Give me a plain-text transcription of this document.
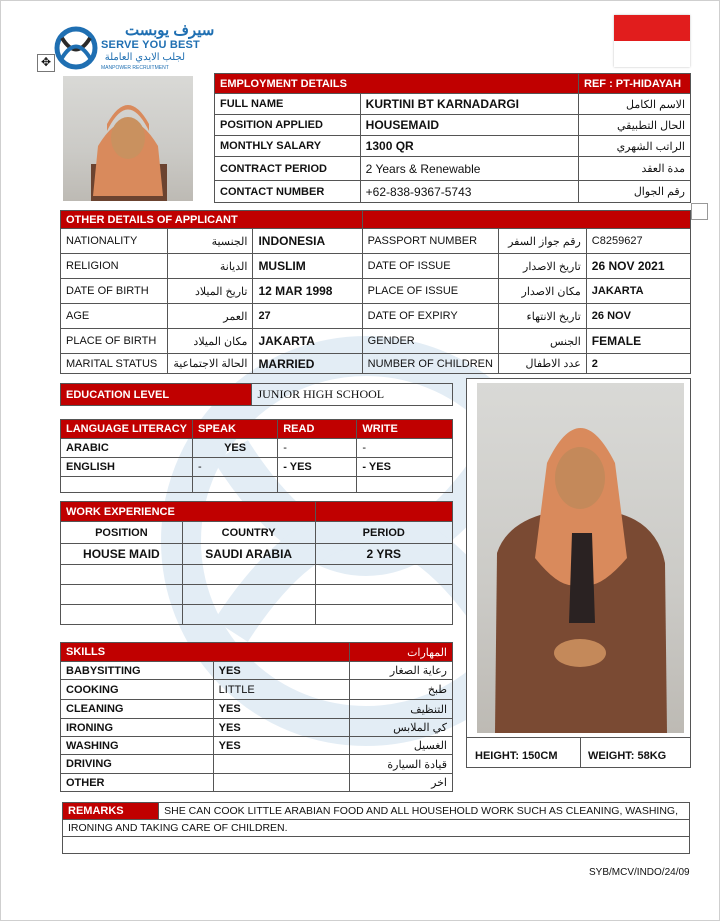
سيرف يوبست
SERVE YOU BEST
لجلب الايدي العاملة
MANPOWER RECRUITMENT
✥
EMPLOYMENT DETAILS		REF : PT-HIDAYAH
FULL NAME	KURTINI BT KARNADARGI	الاسم الكامل
POSITION APPLIED	HOUSEMAID	الحال التطبيقي
MONTHLY SALARY	1300 QR	الراتب الشهري
CONTRACT PERIOD	2 Years & Renewable	مدة العقد
CONTACT NUMBER	+62-838-9367-5743	رقم الجوال
OTHER DETAILS OF APPLICANT					
NATIONALITY	الجنسية	INDONESIA	PASSPORT NUMBER	رقم جواز السفر	C8259627
RELIGION	الديانة	MUSLIM	DATE OF ISSUE	تاريخ الاصدار	26 NOV 2021
DATE OF BIRTH	تاريخ الميلاد	12 MAR 1998	PLACE OF ISSUE	مكان الاصدار	JAKARTA
AGE	العمر	27	DATE OF EXPIRY	تاريخ الانتهاء	26 NOV
PLACE OF BIRTH	مكان الميلاد	JAKARTA	GENDER	الجنس	FEMALE
MARITAL STATUS	الحالة الاجتماعية	MARRIED	NUMBER OF CHILDREN	عدد الاطفال	2
EDUCATION LEVEL	JUNIOR HIGH SCHOOL
LANGUAGE LITERACY	SPEAK	READ	WRITE
ARABIC	YES	-	-
ENGLISH	-	- YES	- YES

WORK EXPERIENCE		
POSITION	COUNTRY	PERIOD
HOUSE MAID	SAUDI ARABIA	2 YRS

SKILLS		المهارات
BABYSITTING	YES	رعاية الصغار
COOKING	LITTLE	طبخ
CLEANING	YES	التنظيف
IRONING	YES	كي الملابس
WASHING	YES	الغسيل
DRIVING		قيادة السيارة
OTHER		اخر
HEIGHT: 150CM	WEIGHT: 58KG
REMARKS	SHE CAN COOK LITTLE ARABIAN FOOD AND ALL HOUSEHOLD WORK SUCH AS CLEANING, WASHING,
IRONING AND TAKING CARE OF CHILDREN.

SYB/MCV/INDO/24/09
